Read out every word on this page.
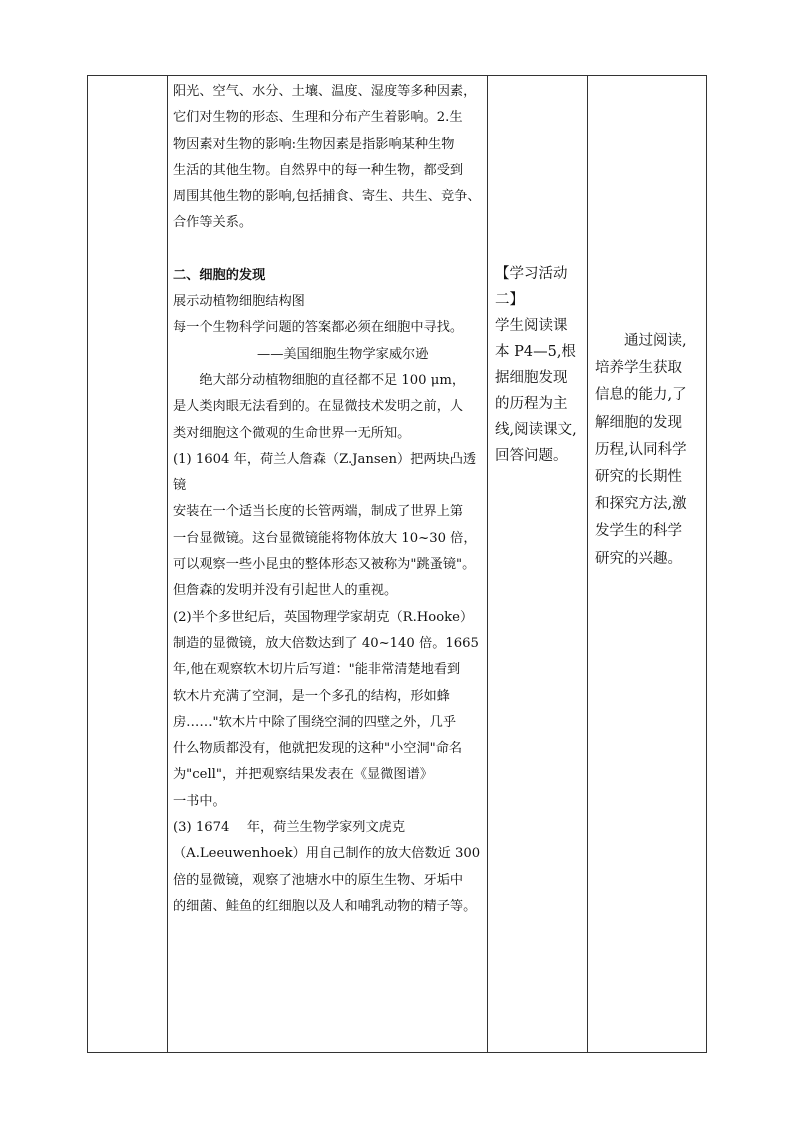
阳光、空气、水分、土壤、温度、湿度等多种因素，

它们对生物的形态、生理和分布产生着影响。2.生

物因素对生物的影响:生物因素是指影响某种生物

生活的其他生物。自然界中的每一种生物，都受到

周围其他生物的影响,包括捕食、寄生、共生、竞争、

合作等关系。

二、细胞的发现

展示动植物细胞结构图

每一个生物科学问题的答案都必须在细胞中寻找。

——美国细胞生物学家威尔逊

绝大部分动植物细胞的直径都不足 100 μm，

是人类肉眼无法看到的。在显微技术发明之前，人

类对细胞这个微观的生命世界一无所知。

(1) 1604 年，荷兰人詹森（Z.Jansen）把两块凸透镜

安装在一个适当长度的长管两端，制成了世界上第

一台显微镜。这台显微镜能将物体放大 10~30 倍，

可以观察一些小昆虫的整体形态又被称为"跳蚤镜"。

但詹森的发明并没有引起世人的重视。

(2)半个多世纪后，英国物理学家胡克（R.Hooke）

制造的显微镜，放大倍数达到了 40~140 倍。1665

年,他在观察软木切片后写道："能非常清楚地看到

软木片充满了空洞，是一个多孔的结构，形如蜂

房……"软木片中除了围绕空洞的四壁之外，几乎

什么物质都没有，他就把发现的这种"小空洞"命名

为"cell"，并把观察结果发表在《显微图谱》

一书中。

(3) 1674　 年，荷兰生物学家列文虎克

（A.Leeuwenhoek）用自己制作的放大倍数近 300

倍的显微镜，观察了池塘水中的原生生物、牙垢中

的细菌、鲑鱼的红细胞以及人和哺乳动物的精子等。

【学习活动

二】

学生阅读课

本 P4—5,根

据细胞发现

的历程为主

线,阅读课文,

回答问题。

通过阅读,培养学生获取信息的能力,了解细胞的发现历程,认同科学研究的长期性和探究方法,激发学生的科学研究的兴趣。
